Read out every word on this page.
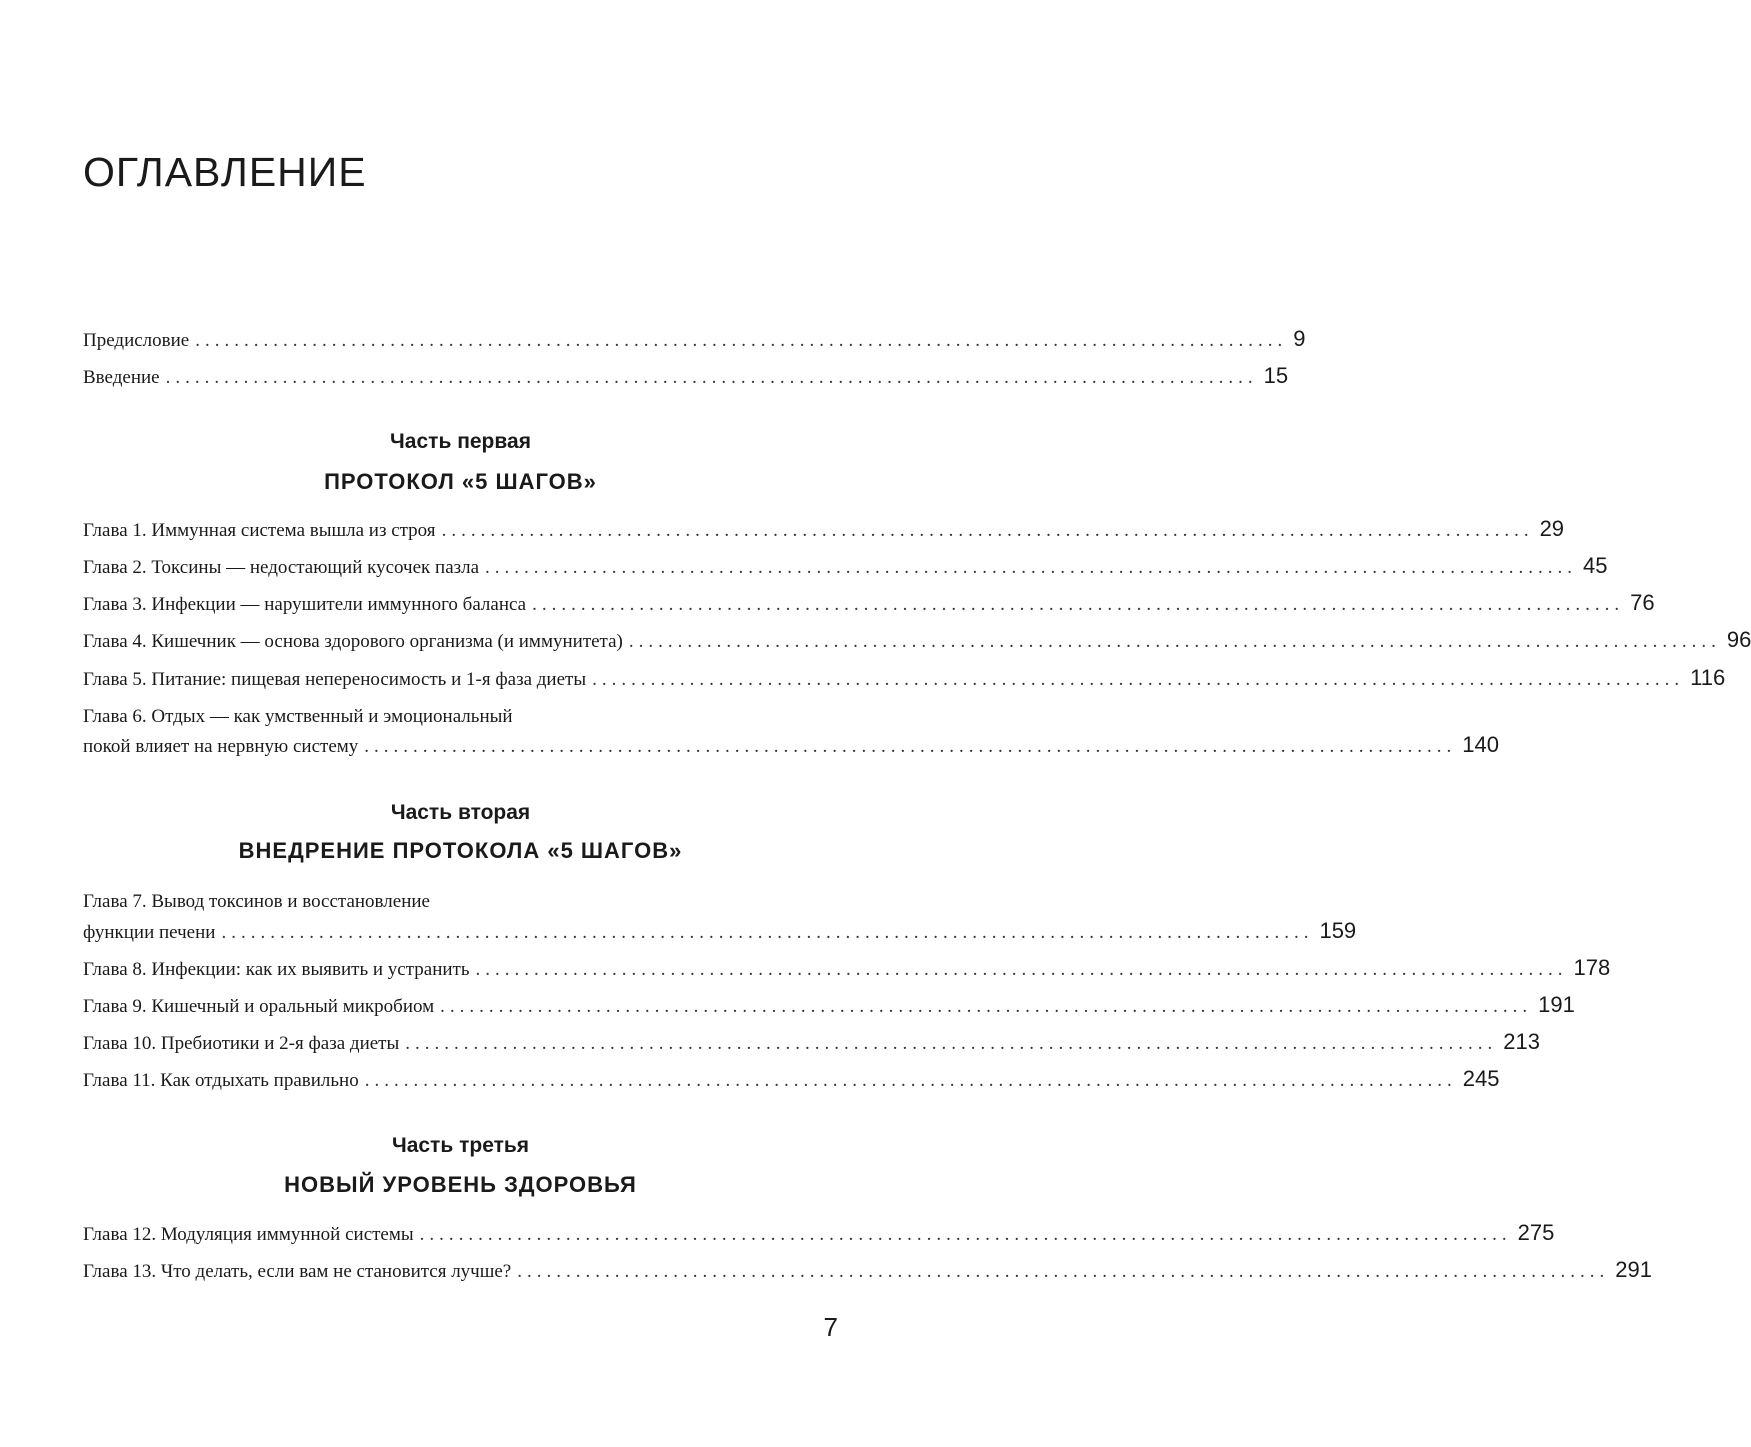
ОГЛАВЛЕНИЕ
Предисловие ................................................................................................................ 9
Введение ................................................................................................................ 15
Часть первая
ПРОТОКОЛ «5 ШАГОВ»
Глава 1. Иммунная система вышла из строя ................................................................................................................ 29
Глава 2. Токсины — недостающий кусочек пазла ................................................................................................................ 45
Глава 3. Инфекции — нарушители иммунного баланса ................................................................................................................ 76
Глава 4. Кишечник — основа здорового организма (и иммунитета) ................................................................................................................ 96
Глава 5. Питание: пищевая непереносимость и 1-я фаза диеты ................................................................................................................ 116
Глава 6. Отдых — как умственный и эмоциональный
покой влияет на нервную систему ................................................................................................................ 140
Часть вторая
ВНЕДРЕНИЕ ПРОТОКОЛА «5 ШАГОВ»
Глава 7. Вывод токсинов и восстановление
функции печени ................................................................................................................ 159
Глава 8. Инфекции: как их выявить и устранить ................................................................................................................ 178
Глава 9. Кишечный и оральный микробиом ................................................................................................................ 191
Глава 10. Пребиотики и 2-я фаза диеты ................................................................................................................ 213
Глава 11. Как отдыхать правильно ................................................................................................................ 245
Часть третья
НОВЫЙ УРОВЕНЬ ЗДОРОВЬЯ
Глава 12. Модуляция иммунной системы ................................................................................................................ 275
Глава 13. Что делать, если вам не становится лучше? ................................................................................................................ 291
7
